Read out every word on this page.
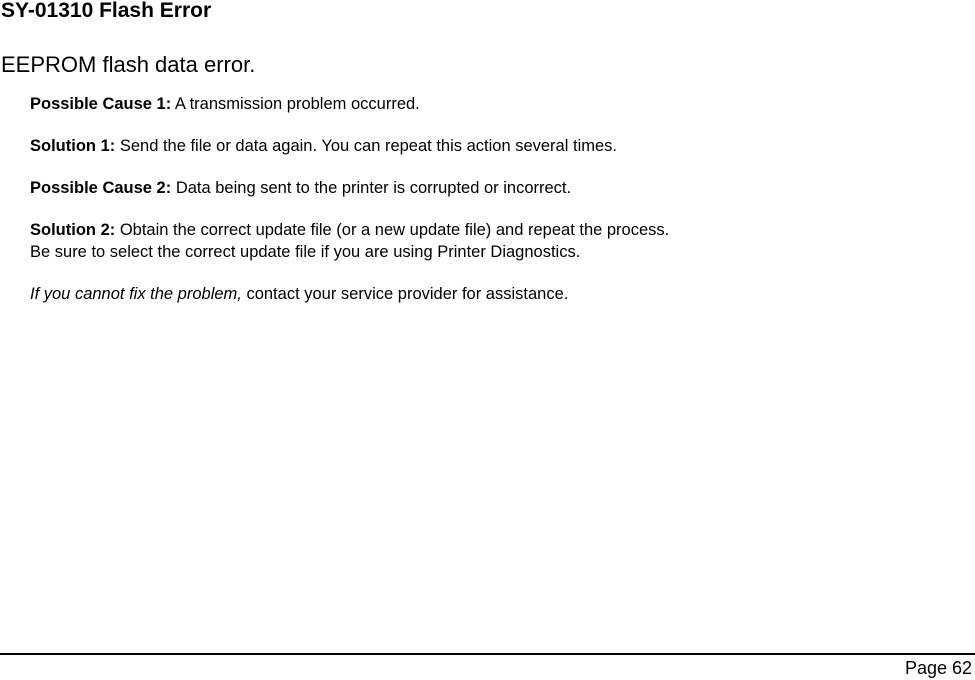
SY-01310 Flash Error

EEPROM flash data error.

Possible Cause 1: A transmission problem occurred.

Solution 1: Send the file or data again. You can repeat this action several times.

Possible Cause 2: Data being sent to the printer is corrupted or incorrect.

Solution 2: Obtain the correct update file (or a new update file) and repeat the process. Be sure to select the correct update file if you are using Printer Diagnostics.

If you cannot fix the problem, contact your service provider for assistance.

Page 62
